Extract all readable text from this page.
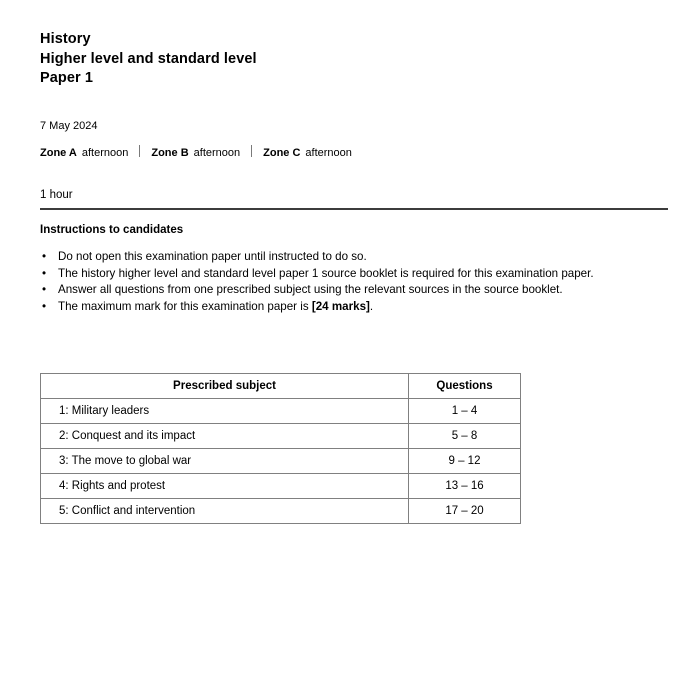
History
Higher level and standard level
Paper 1
7 May 2024
Zone A afternoon Zone B afternoon Zone C afternoon
1 hour
Instructions to candidates
• Do not open this examination paper until instructed to do so.
• The history higher level and standard level paper 1 source booklet is required for this examination paper.
• Answer all questions from one prescribed subject using the relevant sources in the source booklet.
• The maximum mark for this examination paper is [24 marks].
Prescribed subject	Questions
1: Military leaders	1 – 4
2: Conquest and its impact	5 – 8
3: The move to global war	9 – 12
4: Rights and protest	13 – 16
5: Conflict and intervention	17 – 20
